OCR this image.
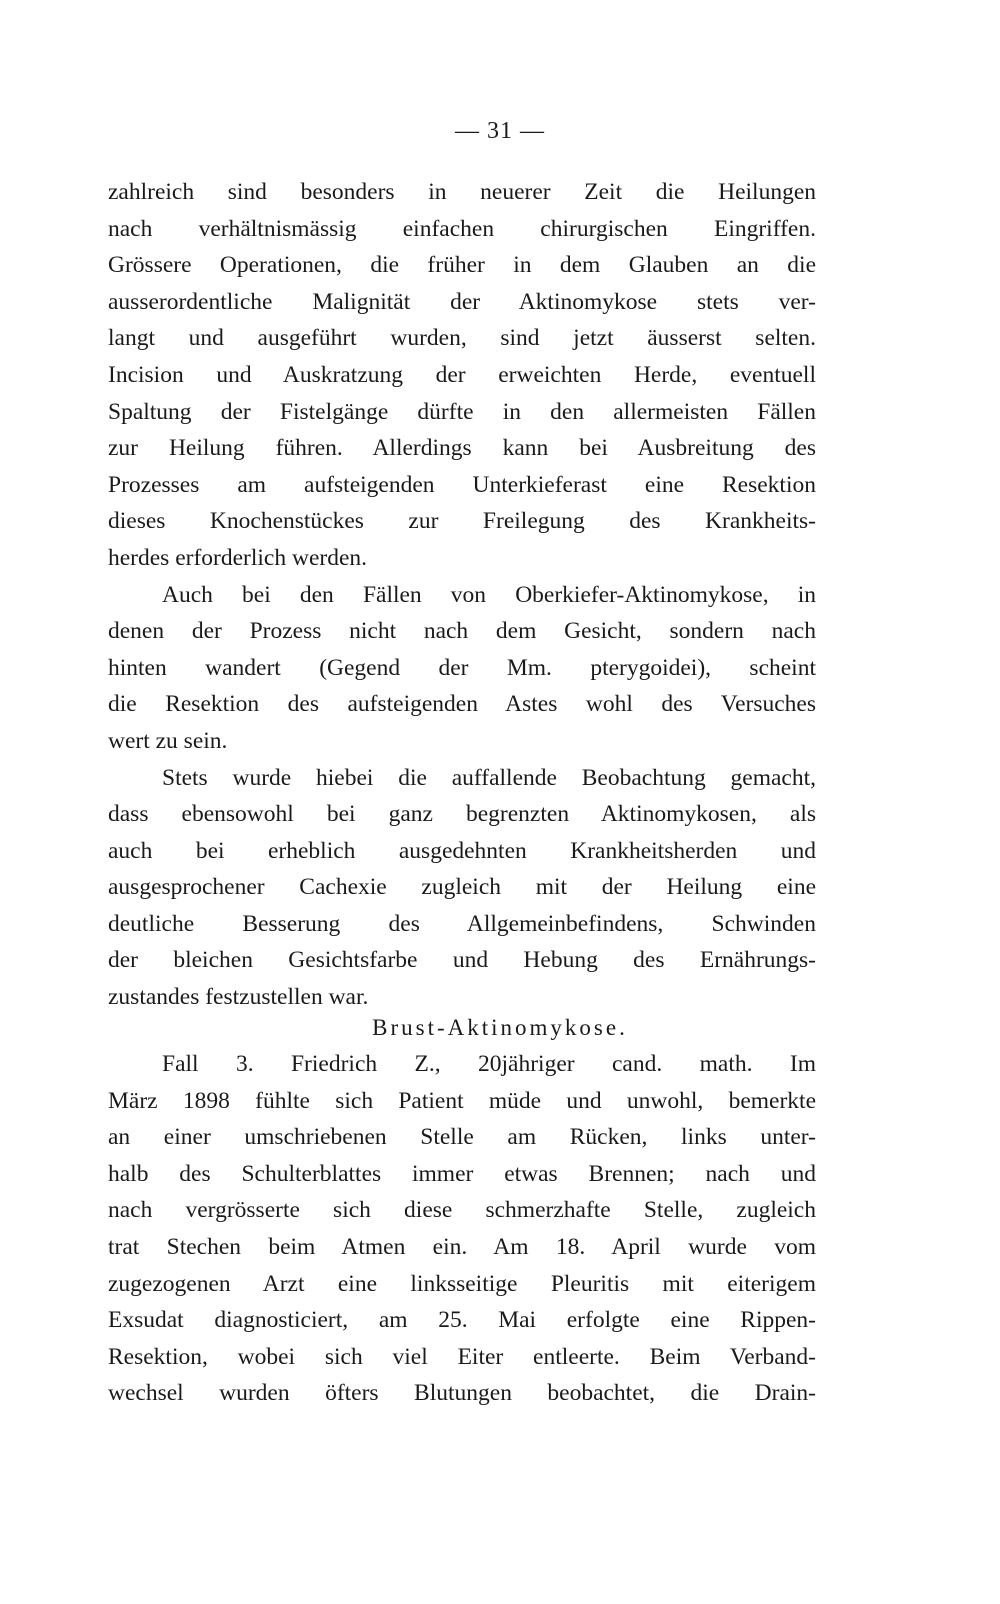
— 31 —
zahlreich sind besonders in neuerer Zeit die Heilungen
nach verhältnismässig einfachen chirurgischen Eingriffen.
Grössere Operationen, die früher in dem Glauben an die
ausserordentliche Malignität der Aktinomykose stets ver-
langt und ausgeführt wurden, sind jetzt äusserst selten.
Incision und Auskratzung der erweichten Herde, eventuell
Spaltung der Fistelgänge dürfte in den allermeisten Fällen
zur Heilung führen. Allerdings kann bei Ausbreitung des
Prozesses am aufsteigenden Unterkieferast eine Resektion
dieses Knochenstückes zur Freilegung des Krankheits-
herdes erforderlich werden.
Auch bei den Fällen von Oberkiefer-Aktinomykose, in
denen der Prozess nicht nach dem Gesicht, sondern nach
hinten wandert (Gegend der Mm. pterygoidei), scheint
die Resektion des aufsteigenden Astes wohl des Versuches
wert zu sein.
Stets wurde hiebei die auffallende Beobachtung gemacht,
dass ebensowohl bei ganz begrenzten Aktinomykosen, als
auch bei erheblich ausgedehnten Krankheitsherden und
ausgesprochener Cachexie zugleich mit der Heilung eine
deutliche Besserung des Allgemeinbefindens, Schwinden
der bleichen Gesichtsfarbe und Hebung des Ernährungs-
zustandes festzustellen war.
Brust-Aktinomykose.
Fall 3. Friedrich Z., 20jähriger cand. math. Im
März 1898 fühlte sich Patient müde und unwohl, bemerkte
an einer umschriebenen Stelle am Rücken, links unter-
halb des Schulterblattes immer etwas Brennen; nach und
nach vergrösserte sich diese schmerzhafte Stelle, zugleich
trat Stechen beim Atmen ein. Am 18. April wurde vom
zugezogenen Arzt eine linksseitige Pleuritis mit eiterigem
Exsudat diagnosticiert, am 25. Mai erfolgte eine Rippen-
Resektion, wobei sich viel Eiter entleerte. Beim Verband-
wechsel wurden öfters Blutungen beobachtet, die Drain-
